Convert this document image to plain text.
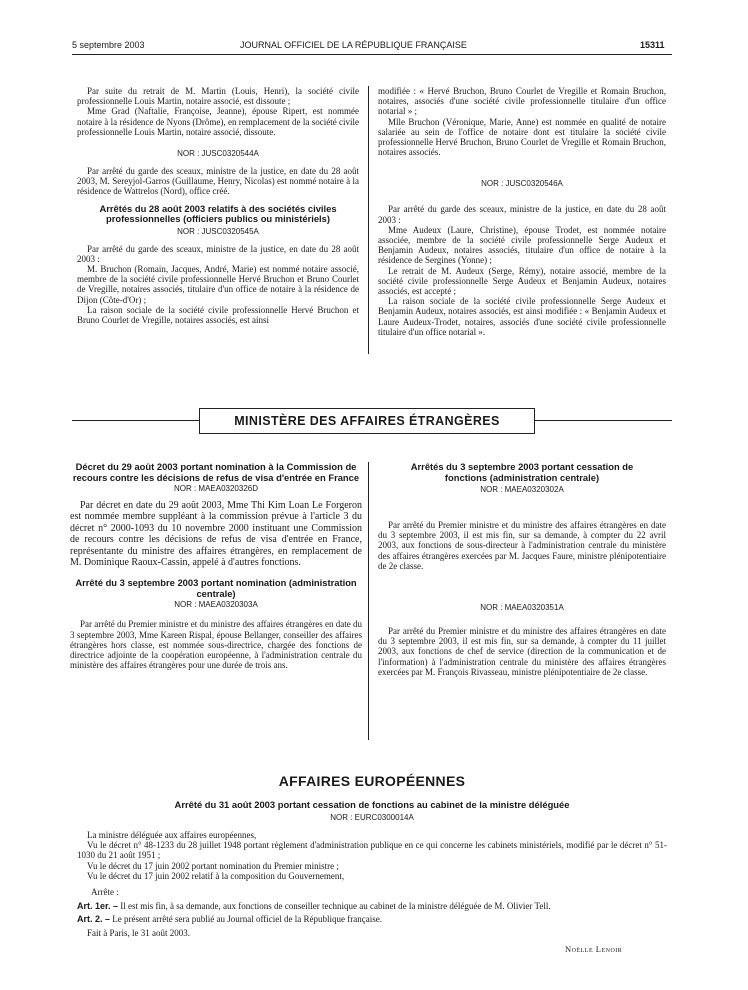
5 septembre 2003	JOURNAL OFFICIEL DE LA RÉPUBLIQUE FRANÇAISE	15311

Par suite du retrait de M. Martin (Louis, Henri), la société civile professionnelle Louis Martin, notaire associé, est dissoute ;

Mme Grad (Naftalie, Françoise, Jeanne), épouse Ripert, est nommée notaire à la résidence de Nyons (Drôme), en remplacement de la société civile professionnelle Louis Martin, notaire associé, dissoute.

NOR : JUSC0320544A

Par arrêté du garde des sceaux, ministre de la justice, en date du 28 août 2003, M. Sereyjol-Garros (Guillaume, Henry, Nicolas) est nommé notaire à la résidence de Wattrelos (Nord), office créé.

Arrêtés du 28 août 2003 relatifs à des sociétés civiles professionnelles (officiers publics ou ministériels)

NOR : JUSC0320545A

Par arrêté du garde des sceaux, ministre de la justice, en date du 28 août 2003 :

M. Bruchon (Romain, Jacques, André, Marie) est nommé notaire associé, membre de la société civile professionnelle Hervé Bruchon et Bruno Courlet de Vregille, notaires associés, titulaire d'un office de notaire à la résidence de Dijon (Côte-d'Or) ;

La raison sociale de la société civile professionnelle Hervé Bruchon et Bruno Courlet de Vregille, notaires associés, est ainsi

modifiée : « Hervé Bruchon, Bruno Courlet de Vregille et Romain Bruchon, notaires, associés d'une société civile professionnelle titulaire d'un office notarial » ;

Mlle Bruchon (Véronique, Marie, Anne) est nommée en qualité de notaire salariée au sein de l'office de notaire dont est titulaire la société civile professionnelle Hervé Bruchon, Bruno Courlet de Vregille et Romain Bruchon, notaires associés.

NOR : JUSC0320546A

Par arrêté du garde des sceaux, ministre de la justice, en date du 28 août 2003 :

Mme Audeux (Laure, Christine), épouse Trodet, est nommée notaire associée, membre de la société civile professionnelle Serge Audeux et Benjamin Audeux, notaires associés, titulaire d'un office de notaire à la résidence de Sergines (Yonne) ;

Le retrait de M. Audeux (Serge, Rémy), notaire associé, membre de la société civile professionnelle Serge Audeux et Benjamin Audeux, notaires associés, est accepté ;

La raison sociale de la société civile professionnelle Serge Audeux et Benjamin Audeux, notaires associés, est ainsi modifiée : « Benjamin Audeux et Laure Audeux-Trodet, notaires, associés d'une société civile professionnelle titulaire d'un office notarial ».

MINISTÈRE DES AFFAIRES ÉTRANGÈRES

Décret du 29 août 2003 portant nomination à la Commission de recours contre les décisions de refus de visa d'entrée en France

NOR : MAEA0320326D

Par décret en date du 29 août 2003, Mme Thi Kim Loan Le Forgeron est nommée membre suppléant à la commission prévue à l'article 3 du décret n° 2000-1093 du 10 novembre 2000 instituant une Commission de recours contre les décisions de refus de visa d'entrée en France, représentante du ministre des affaires étrangères, en remplacement de M. Dominique Raoux-Cassin, appelé à d'autres fonctions.

Arrêté du 3 septembre 2003 portant nomination (administration centrale)

NOR : MAEA0320303A

Par arrêté du Premier ministre et du ministre des affaires étrangères en date du 3 septembre 2003, Mme Kareen Rispal, épouse Bellanger, conseiller des affaires étrangères hors classe, est nommée sous-directrice, chargée des fonctions de directrice adjointe de la coopération européenne, à l'administration centrale du ministère des affaires étrangères pour une durée de trois ans.

Arrêtés du 3 septembre 2003 portant cessation de fonctions (administration centrale)

NOR : MAEA0320302A

Par arrêté du Premier ministre et du ministre des affaires étrangères en date du 3 septembre 2003, il est mis fin, sur sa demande, à compter du 22 avril 2003, aux fonctions de sous-directeur à l'administration centrale du ministère des affaires étrangères exercées par M. Jacques Faure, ministre plénipotentiaire de 2e classe.

NOR : MAEA0320351A

Par arrêté du Premier ministre et du ministre des affaires étrangères en date du 3 septembre 2003, il est mis fin, sur sa demande, à compter du 11 juillet 2003, aux fonctions de chef de service (direction de la communication et de l'information) à l'administration centrale du ministère des affaires étrangères exercées par M. François Rivasseau, ministre plénipotentiaire de 2e classe.

AFFAIRES EUROPÉENNES
Arrêté du 31 août 2003 portant cessation de fonctions au cabinet de la ministre déléguée
NOR : EURC0300014A

La ministre déléguée aux affaires européennes,

Vu le décret n° 48-1233 du 28 juillet 1948 portant règlement d'administration publique en ce qui concerne les cabinets ministériels, modifié par le décret n° 51-1030 du 21 août 1951 ;

Vu le décret du 17 juin 2002 portant nomination du Premier ministre ;

Vu le décret du 17 juin 2002 relatif à la composition du Gouvernement,

Arrête :

Art. 1er. – Il est mis fin, à sa demande, aux fonctions de conseiller technique au cabinet de la ministre déléguée de M. Olivier Tell.

Art. 2. – Le présent arrêté sera publié au Journal officiel de la République française.

Fait à Paris, le 31 août 2003.

Noëlle Lenoir
